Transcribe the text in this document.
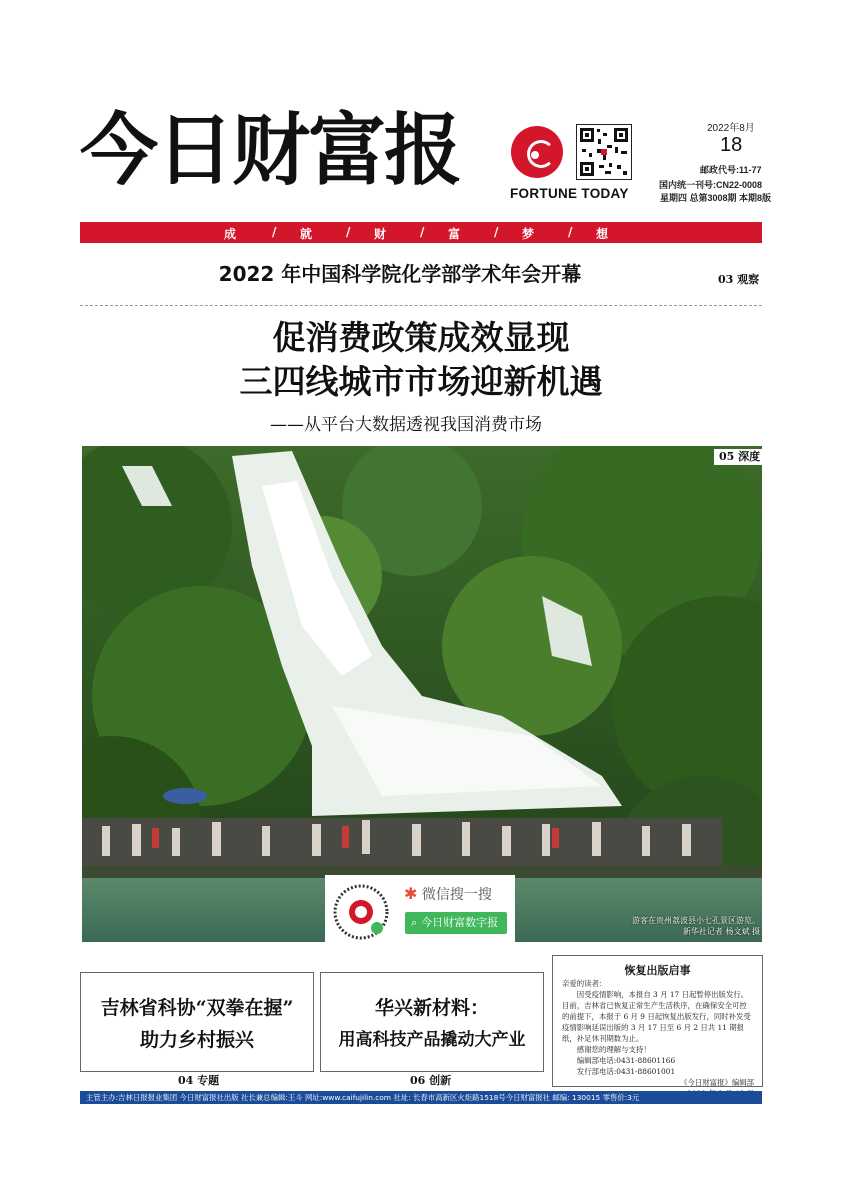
今日财富报	FORTUNE TODAY
2022年8月
18
邮政代号:11-77
国内统一刊号:CN22-0008
星期四 总第3008期 本期8版
成	/ 就	/ 财	/ 富	/ 梦	/ 想
2022 年中国科学院化学部学术年会开幕	03 观察
促消费政策成效显现
三四线城市市场迎新机遇
——从平台大数据透视我国消费市场
05 深度
游客在贵州荔波县小七孔景区游览。
新华社记者 杨文斌 摄
✱ 微信搜一搜
⌕ 今日财富数字报
吉林省科协“双拳在握”
助力乡村振兴
04 专题
华兴新材料：
用高科技产品撬动大产业
06 创新
恢复出版启事

亲爱的读者：

因受疫情影响，本报自 3 月 17 日起暂停出版发行。目前，吉林省已恢复正常生产生活秩序，在确保安全可控的前提下，本报于 6 月 9 日起恢复出版发行，同时补发受疫情影响延误出版的 3 月 17 日至 6 月 2 日共 11 期报纸，补足休刊期数为止。

感谢您的理解与支持！

编辑部电话:0431-88601166

发行部电话:0431-88601001

《今日财富报》编辑部

主管主办:吉林日报报业集团 今日财富报社出版 社长兼总编辑:王斗 网址:www.caifujilin.com 社址: 长春市高新区火炬路1518号今日财富报社 邮编: 130015 零售价:3元
